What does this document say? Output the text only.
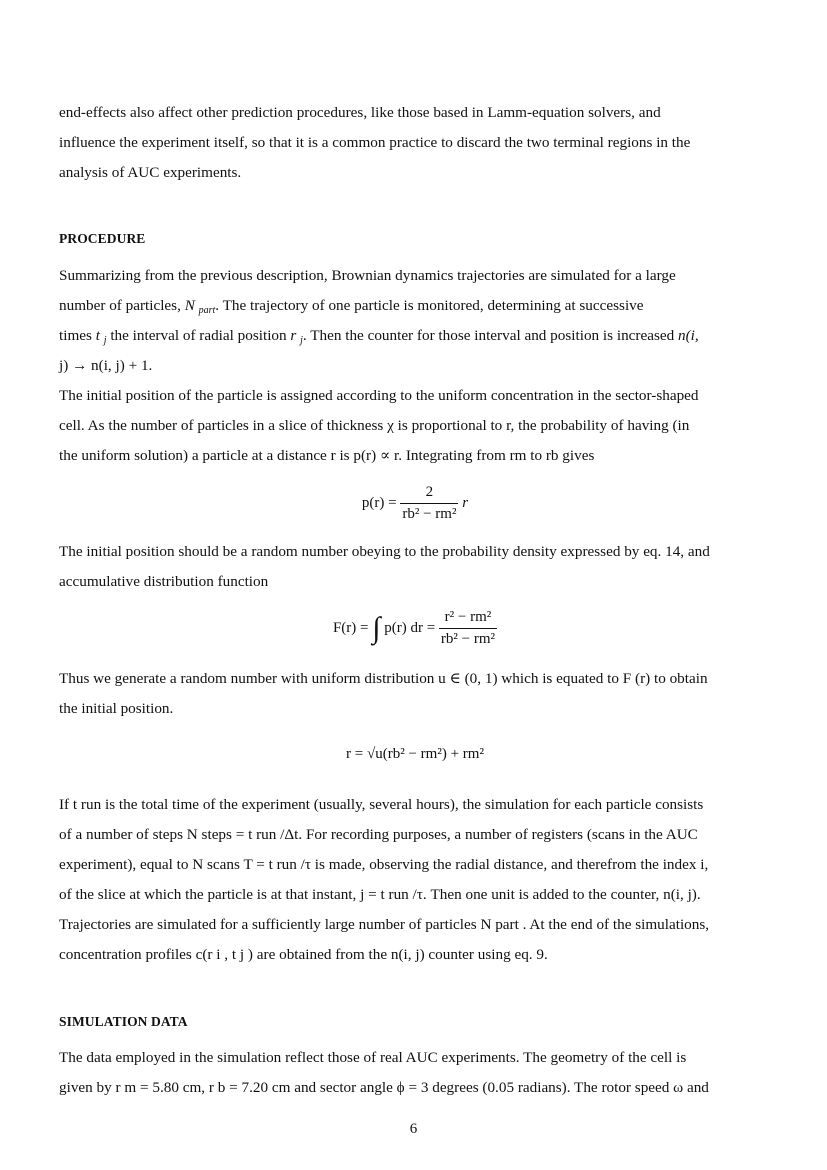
end-effects also affect other prediction procedures, like those based in Lamm-equation solvers, and
influence the experiment itself, so that it is a common practice to discard the two terminal regions in the
analysis of AUC experiments.
PROCEDURE
Summarizing from the previous description, Brownian dynamics trajectories are simulated for a large
number of particles, N $_{part}$. The trajectory of one particle is monitored, determining at successive
times t $_j$ the interval of radial position r $_j$. Then the counter for those interval and position is increased n(i,
j) → n(i, j) + 1.
The initial position of the particle is assigned according to the uniform concentration in the sector-shaped
cell. As the number of particles in a slice of thickness χ is proportional to r, the probability of having (in
the uniform solution) a particle at a distance r is p(r) ∝ r. Integrating from rm to rb gives
$p(r) = \frac{2}{\text{rb² − rm²}}$ r
The initial position should be a random number obeying to the probability density expressed by eq. 14, and
accumulative distribution function
F(r) = ∫ p(r) dr = $\frac{\text{r² − rm²}}{\text{rb² − rm²}}$
Thus we generate a random number with uniform distribution u ∈ (0, 1) which is equated to F (r) to obtain
the initial position.
r = √u(rb² − rm²) + rm²
If t run is the total time of the experiment (usually, several hours), the simulation for each particle consists
of a number of steps N steps = t run /Δt. For recording purposes, a number of registers (scans in the AUC
experiment), equal to N scans T = t run /τ is made, observing the radial distance, and therefrom the index i,
of the slice at which the particle is at that instant, j = t run /τ. Then one unit is added to the counter, n(i, j).
Trajectories are simulated for a sufficiently large number of particles N part . At the end of the simulations,
concentration profiles c(r i , t j ) are obtained from the n(i, j) counter using eq. 9.
SIMULATION DATA
The data employed in the simulation reflect those of real AUC experiments. The geometry of the cell is
given by r m = 5.80 cm, r b = 7.20 cm and sector angle ϕ = 3 degrees (0.05 radians). The rotor speed ω and
6
